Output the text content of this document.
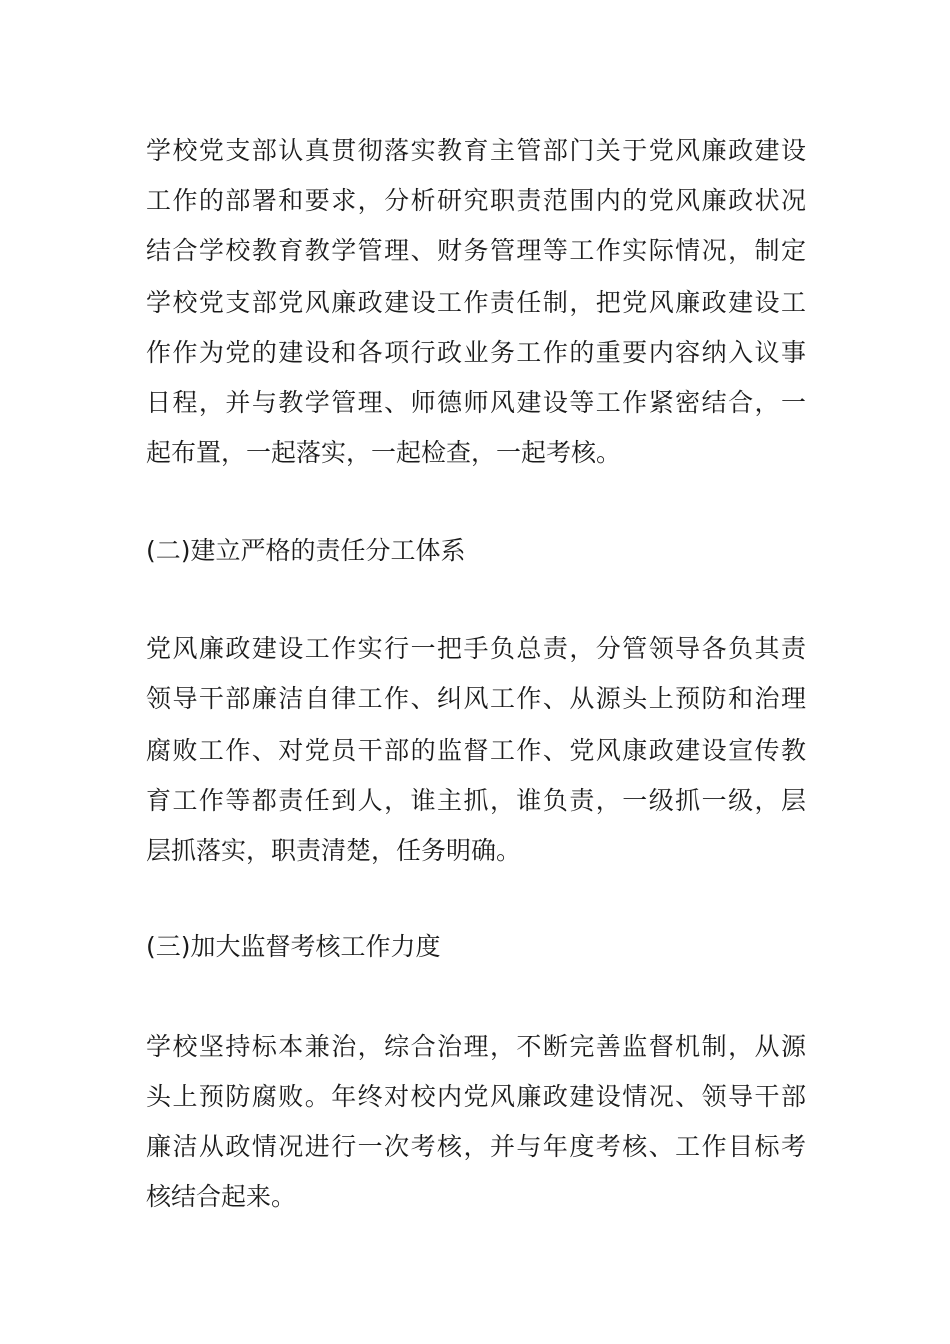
学校党支部认真贯彻落实教育主管部门关于党风廉政建设
工作的部署和要求，分析研究职责范围内的党风廉政状况
结合学校教育教学管理、财务管理等工作实际情况，制定
学校党支部党风廉政建设工作责任制，把党风廉政建设工
作作为党的建设和各项行政业务工作的重要内容纳入议事
日程，并与教学管理、师德师风建设等工作紧密结合，一
起布置，一起落实，一起检查，一起考核。
(二)建立严格的责任分工体系
党风廉政建设工作实行一把手负总责，分管领导各负其责
领导干部廉洁自律工作、纠风工作、从源头上预防和治理
腐败工作、对党员干部的监督工作、党风康政建设宣传教
育工作等都责任到人，谁主抓，谁负责，一级抓一级，层
层抓落实，职责清楚，任务明确。
(三)加大监督考核工作力度
学校坚持标本兼治，综合治理，不断完善监督机制，从源
头上预防腐败。年终对校内党风廉政建设情况、领导干部
廉洁从政情况进行一次考核，并与年度考核、工作目标考
核结合起来。
